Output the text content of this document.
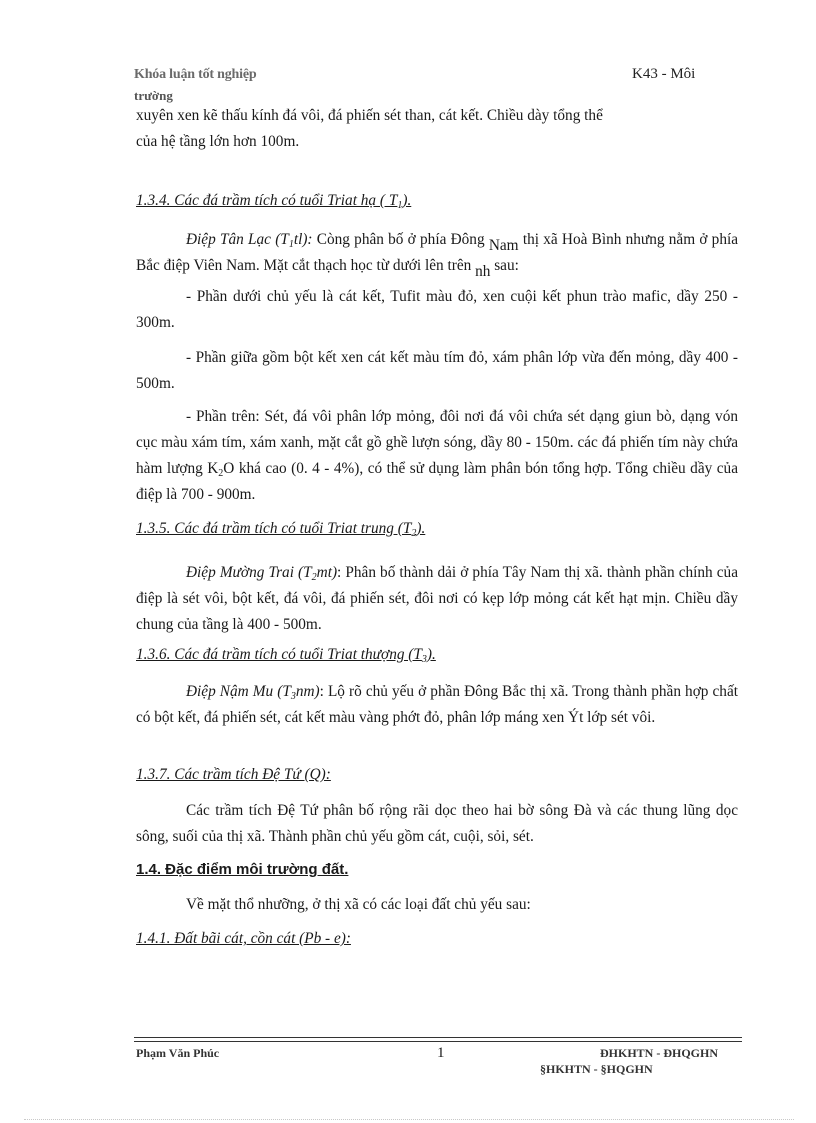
Khóa luận tốt nghiệp
trường
K43 - Môi

xuyên xen kẽ thấu kính đá vôi, đá phiến sét than, cát kết. Chiều dày tổng thể
của hệ tầng lớn hơn 100m.

1.3.4. Các đá trầm tích có tuổi Triat hạ ( $T_1$).

Điệp Tân Lạc $(T_1tl)$: Còng phân bố ở phía Đông Nam thị xã Hoà Bình nhưng nằm ở phía Bắc điệp Viên Nam. Mặt cắt thạch học từ dưới lên trên nh sau:

- Phần dưới chủ yếu là cát kết, Tufit màu đỏ, xen cuội kết phun trào mafic, dầy 250 - 300m.

- Phần giữa gồm bột kết xen cát kết màu tím đỏ, xám phân lớp vừa đến mỏng, dầy 400 - 500m.

- Phần trên: Sét, đá vôi phân lớp mỏng, đôi nơi đá vôi chứa sét dạng giun bò, dạng vón cục màu xám tím, xám xanh, mặt cắt gồ ghề lượn sóng, dầy 80 - 150m. các đá phiến tím này chứa hàm lượng $K_2O$ khá cao (0. 4 - 4%), có thể sử dụng làm phân bón tổng hợp. Tổng chiều dầy của điệp là 700 - 900m.

1.3.5. Các đá trầm tích có tuổi Triat trung $(T_2)$.

Điệp Mường Trai $(T_2mt)$: Phân bố thành dải ở phía Tây Nam thị xã. thành phần chính của điệp là sét vôi, bột kết, đá vôi, đá phiến sét, đôi nơi có kẹp lớp mỏng cát kết hạt mịn. Chiều dầy chung của tầng là 400 - 500m.

1.3.6. Các đá trầm tích có tuổi Triat thượng $(T_3)$.

Điệp Nậm Mu $(T_3nm)$: Lộ rõ chủ yếu ở phần Đông Bắc thị xã. Trong thành phần hợp chất có bột kết, đá phiến sét, cát kết màu vàng phớt đỏ, phân lớp máng xen Ýt lớp sét vôi.

1.3.7. Các trầm tích Đệ Tứ (Q):

Các trầm tích Đệ Tứ phân bố rộng rãi dọc theo hai bờ sông Đà và các thung lũng dọc sông, suối của thị xã. Thành phần chủ yếu gồm cát, cuội, sỏi, sét.

1.4. Đặc điểm môi trường đất.

Về mặt thổ nhưỡng, ở thị xã có các loại đất chủ yếu sau:

1.4.1. Đất bãi cát, cồn cát (Pb - e):

Phạm Văn Phúc	1	ĐHKHTN - ĐHQGHN
§HKHTN - §HQGHN
